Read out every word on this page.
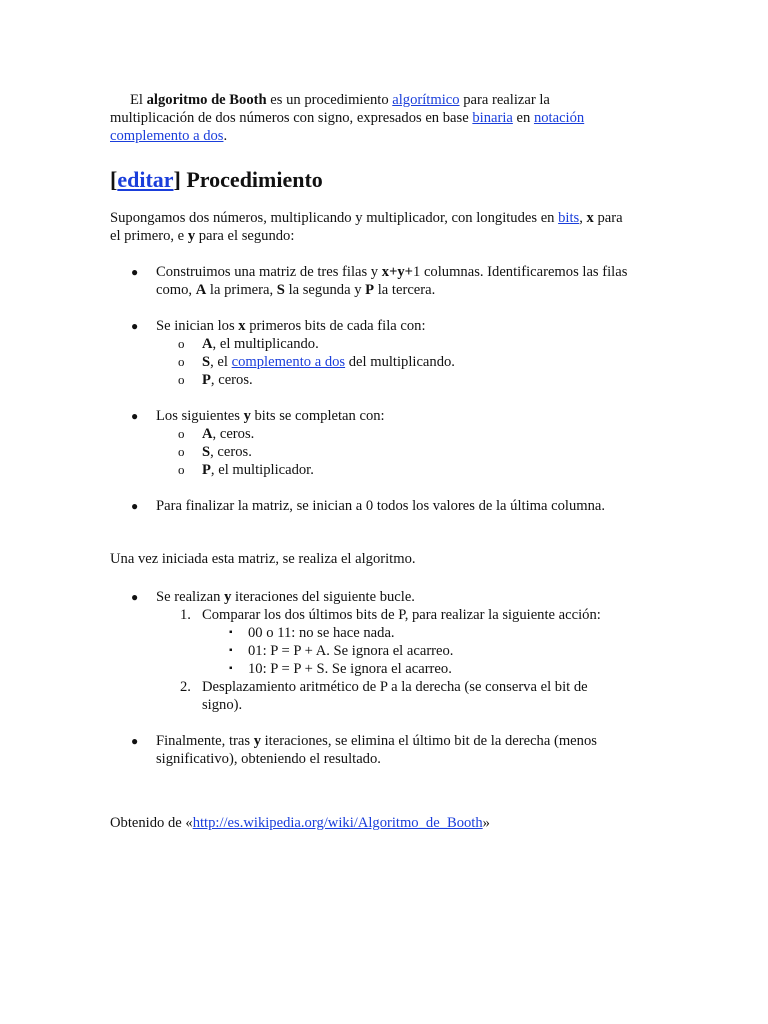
El algoritmo de Booth es un procedimiento algorítmico para realizar la multiplicación de dos números con signo, expresados en base binaria en notación complemento a dos.

[editar] Procedimiento

Supongamos dos números, multiplicando y multiplicador, con longitudes en bits, x para el primero, e y para el segundo:

● Construimos una matriz de tres filas y x+y+1 columnas. Identificaremos las filas como, A la primera, S la segunda y P la tercera.
● Se inician los x primeros bits de cada fila con:
o A, el multiplicando.
o S, el complemento a dos del multiplicando.
o P, ceros.
● Los siguientes y bits se completan con:
o A, ceros.
o S, ceros.
o P, el multiplicador.
● Para finalizar la matriz, se inician a 0 todos los valores de la última columna.

Una vez iniciada esta matriz, se realiza el algoritmo.

● Se realizan y iteraciones del siguiente bucle.
1. Comparar los dos últimos bits de P, para realizar la siguiente acción:
▪ 00 o 11: no se hace nada.
▪ 01: P = P + A. Se ignora el acarreo.
▪ 10: P = P + S. Se ignora el acarreo.
2. Desplazamiento aritmético de P a la derecha (se conserva el bit de signo).
● Finalmente, tras y iteraciones, se elimina el último bit de la derecha (menos significativo), obteniendo el resultado.

Obtenido de «http://es.wikipedia.org/wiki/Algoritmo_de_Booth»
